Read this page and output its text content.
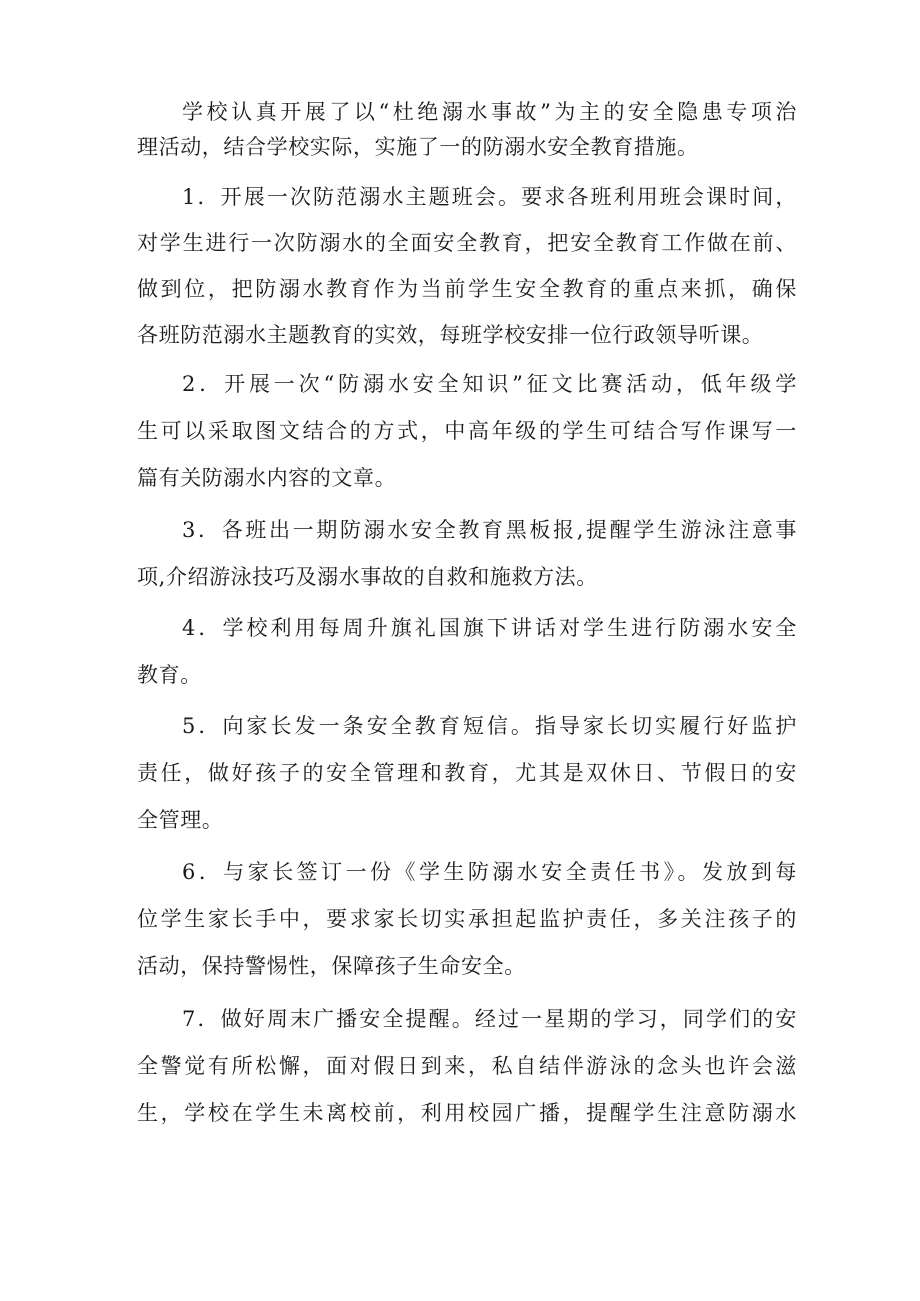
学校认真开展了以“杜绝溺水事故”为主的安全隐患专项治
理活动，结合学校实际，实施了一的防溺水安全教育措施。
1．开展一次防范溺水主题班会。要求各班利用班会课时间，
对学生进行一次防溺水的全面安全教育，把安全教育工作做在前、
做到位，把防溺水教育作为当前学生安全教育的重点来抓，确保
各班防范溺水主题教育的实效，每班学校安排一位行政领导听课。
2．开展一次“防溺水安全知识”征文比赛活动，低年级学
生可以采取图文结合的方式，中高年级的学生可结合写作课写一
篇有关防溺水内容的文章。
3．各班出一期防溺水安全教育黑板报,提醒学生游泳注意事
项,介绍游泳技巧及溺水事故的自救和施救方法。
4．学校利用每周升旗礼国旗下讲话对学生进行防溺水安全
教育。
5．向家长发一条安全教育短信。指导家长切实履行好监护
责任，做好孩子的安全管理和教育，尤其是双休日、节假日的安
全管理。
6．与家长签订一份《学生防溺水安全责任书》。发放到每
位学生家长手中，要求家长切实承担起监护责任，多关注孩子的
活动，保持警惕性，保障孩子生命安全。
7．做好周末广播安全提醒。经过一星期的学习，同学们的安
全警觉有所松懈，面对假日到来，私自结伴游泳的念头也许会滋
生，学校在学生未离校前，利用校园广播，提醒学生注意防溺水
